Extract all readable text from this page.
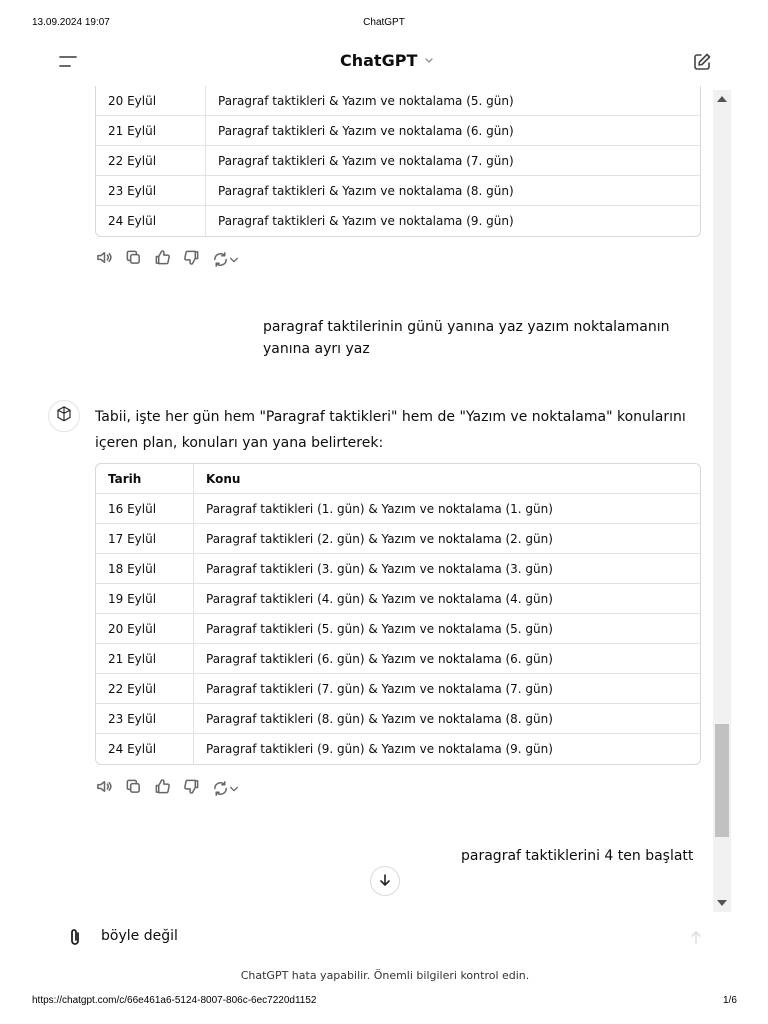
13.09.2024 19:07	ChatGPT
ChatGPT
20 Eylül	Paragraf taktikleri & Yazım ve noktalama (5. gün)
21 Eylül	Paragraf taktikleri & Yazım ve noktalama (6. gün)
22 Eylül	Paragraf taktikleri & Yazım ve noktalama (7. gün)
23 Eylül	Paragraf taktikleri & Yazım ve noktalama (8. gün)
24 Eylül	Paragraf taktikleri & Yazım ve noktalama (9. gün)
paragraf taktilerinin günü yanına yaz yazım noktalamanın
yanına ayrı yaz
Tabii, işte her gün hem "Paragraf taktikleri" hem de "Yazım ve noktalama" konularını
içeren plan, konuları yan yana belirterek:
Tarih	Konu
16 Eylül	Paragraf taktikleri (1. gün) & Yazım ve noktalama (1. gün)
17 Eylül	Paragraf taktikleri (2. gün) & Yazım ve noktalama (2. gün)
18 Eylül	Paragraf taktikleri (3. gün) & Yazım ve noktalama (3. gün)
19 Eylül	Paragraf taktikleri (4. gün) & Yazım ve noktalama (4. gün)
20 Eylül	Paragraf taktikleri (5. gün) & Yazım ve noktalama (5. gün)
21 Eylül	Paragraf taktikleri (6. gün) & Yazım ve noktalama (6. gün)
22 Eylül	Paragraf taktikleri (7. gün) & Yazım ve noktalama (7. gün)
23 Eylül	Paragraf taktikleri (8. gün) & Yazım ve noktalama (8. gün)
24 Eylül	Paragraf taktikleri (9. gün) & Yazım ve noktalama (9. gün)
paragraf taktiklerini 4 ten başlatt
böyle değil
ChatGPT hata yapabilir. Önemli bilgileri kontrol edin.
https://chatgpt.com/c/66e461a6-5124-8007-806c-6ec7220d1152	1/6
